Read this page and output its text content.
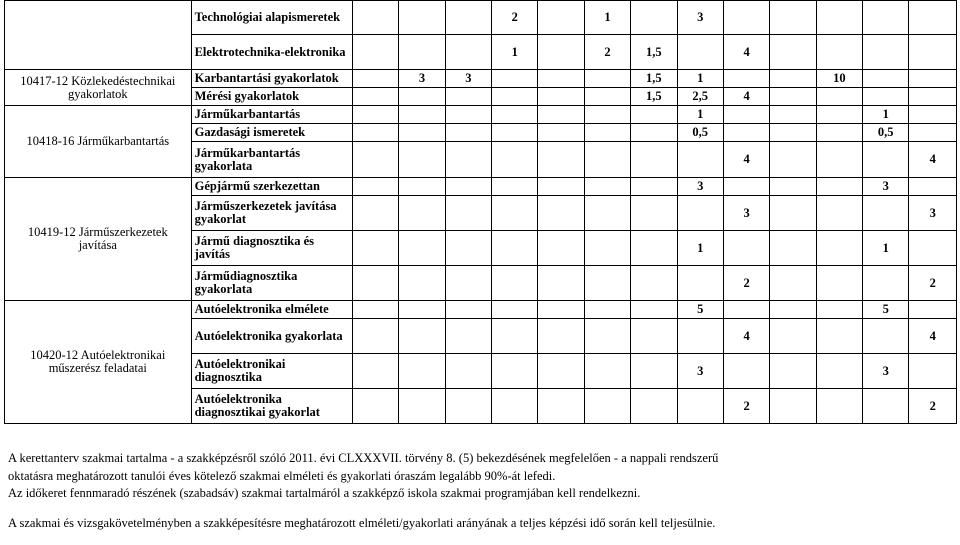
	Technológiai alapismeretek				2		1		3					
	Elektrotechnika-elektronika				1		2	1,5		4				
10417-12 Közlekedéstechnikai gyakorlatok	Karbantartási gyakorlatok		3	3				1,5	1			10		
	Mérési gyakorlatok							1,5	2,5	4				
10418-16 Járműkarbantartás	Járműkarbantartás								1				1	
	Gazdasági ismeretek								0,5				0,5	
	Járműkarbantartás gyakorlata									4				4
10419-12 Járműszerkezetek javítása	Gépjármű szerkezettan								3				3	
	Járműszerkezetek javítása gyakorlat									3				3
	Jármű diagnosztika és javítás								1				1	
	Járműdiagnosztika gyakorlata									2				2
10420-12 Autóelektronikai műszerész feladatai	Autóelektronika elmélete								5				5	
	Autóelektronika gyakorlata									4				4
	Autóelektronikai diagnosztika								3				3	
	Autóelektronika diagnosztikai gyakorlat									2				2

A kerettanterv szakmai tartalma - a szakképzésről szóló 2011. évi CLXXXVII. törvény 8. (5) bekezdésének megfelelően - a nappali rendszerű

oktatásra meghatározott tanulói éves kötelező szakmai elméleti és gyakorlati óraszám legalább 90%-át lefedi.

Az időkeret fennmaradó részének (szabadsáv) szakmai tartalmáról a szakképző iskola szakmai programjában kell rendelkezni.

A szakmai és vizsgakövetelményben a szakképesítésre meghatározott elméleti/gyakorlati arányának a teljes képzési idő során kell teljesülnie.
